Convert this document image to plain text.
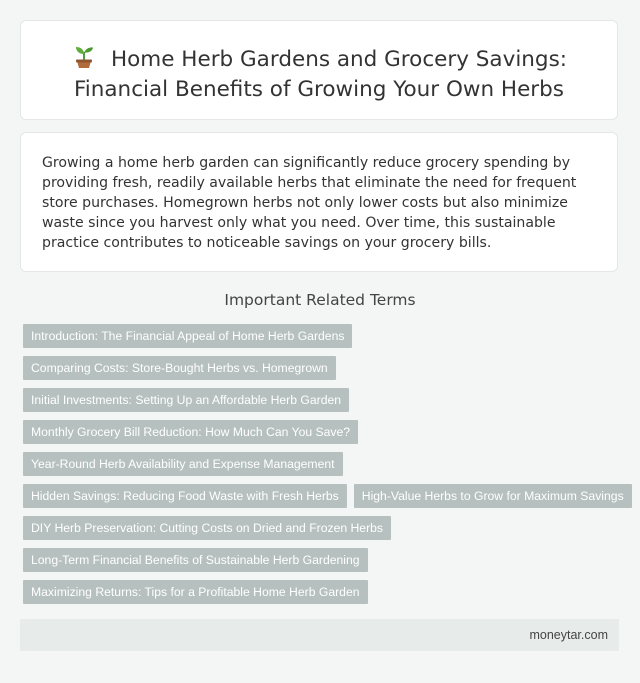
Home Herb Gardens and Grocery Savings:
Financial Benefits of Growing Your Own Herbs

Growing a home herb garden can significantly reduce grocery spending by providing fresh, readily available herbs that eliminate the need for frequent store purchases. Homegrown herbs not only lower costs but also minimize waste since you harvest only what you need. Over time, this sustainable practice contributes to noticeable savings on your grocery bills.

Important Related Terms
Introduction: The Financial Appeal of Home Herb Gardens
Comparing Costs: Store-Bought Herbs vs. Homegrown
Initial Investments: Setting Up an Affordable Herb Garden
Monthly Grocery Bill Reduction: How Much Can You Save?
Year-Round Herb Availability and Expense Management
Hidden Savings: Reducing Food Waste with Fresh Herbs	High-Value Herbs to Grow for Maximum Savings
DIY Herb Preservation: Cutting Costs on Dried and Frozen Herbs
Long-Term Financial Benefits of Sustainable Herb Gardening
Maximizing Returns: Tips for a Profitable Home Herb Garden
moneytar.com
